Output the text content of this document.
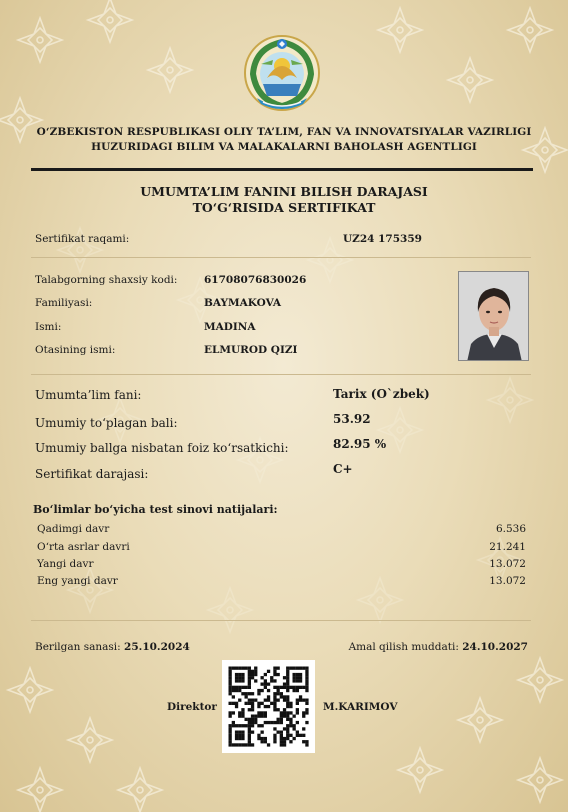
O‘ZBEKISTON RESPUBLIKASI OLIY TA’LIM, FAN VA INNOVATSIYALAR VAZIRLIGI
HUZURIDAGI BILIM VA MALAKALARNI BAHOLASH AGENTLIGI
UMUMTA’LIM FANINI BILISH DARAJASI
TO‘G‘RISIDA SERTIFIKAT
Sertifikat raqami:	UZ24 175359
Talabgorning shaxsiy kodi:	61708076830026
Familiyasi:	BAYMAKOVA
Ismi:	MADINA
Otasining ismi:	ELMUROD QIZI
Umumta’lim fani:	Tarix (O`zbek)
Umumiy to‘plagan bali:	53.92
Umumiy ballga nisbatan foiz ko‘rsatkichi:	82.95 %
Sertifikat darajasi:	C+
Bo‘limlar bo‘yicha test sinovi natijalari:
Qadimgi davr	6.536
O‘rta asrlar davri	21.241
Yangi davr	13.072
Eng yangi davr	13.072
Berilgan sanasi: 25.10.2024	Amal qilish muddati: 24.10.2027
Direktor	M.KARIMOV
